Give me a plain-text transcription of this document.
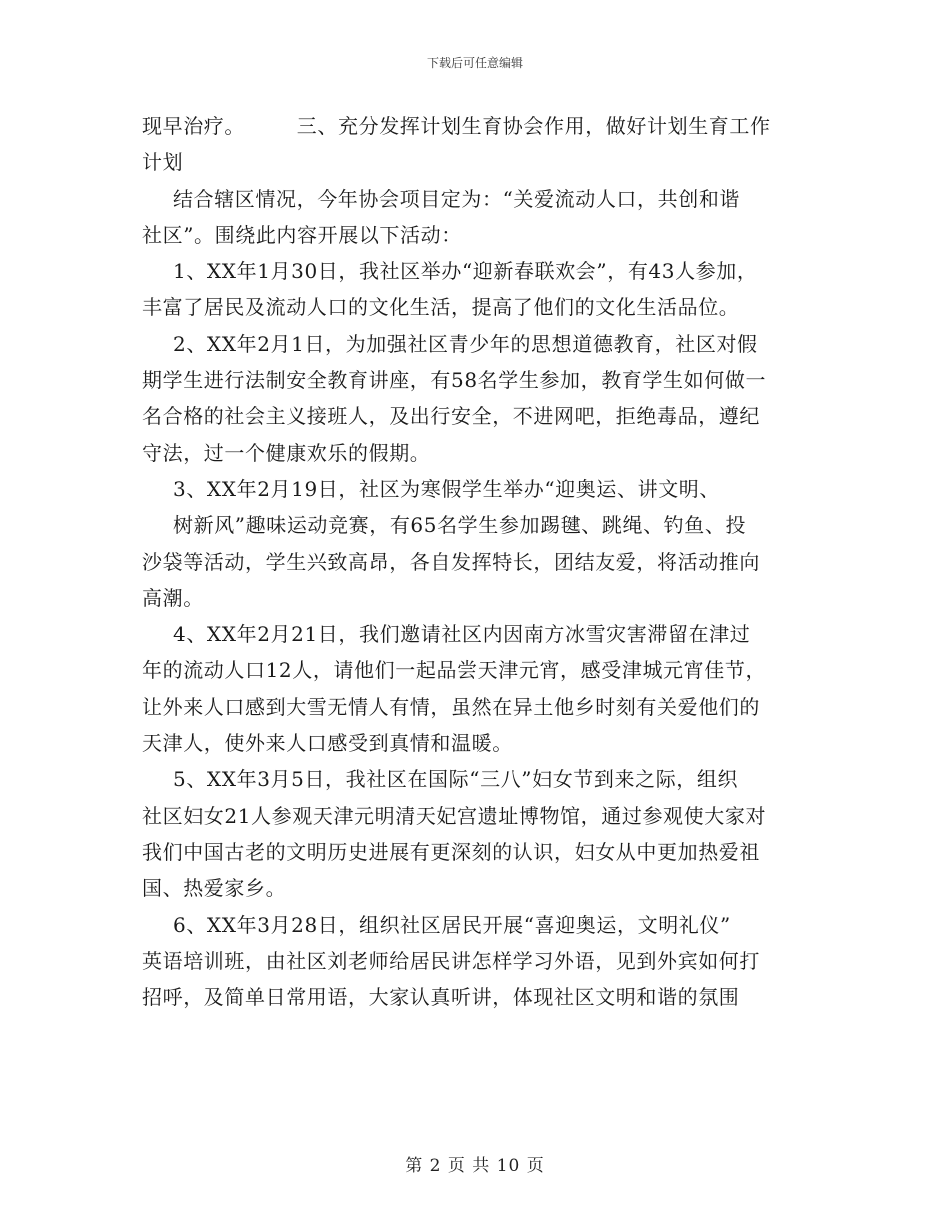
下载后可任意编辑
现早治疗。　　　三、充分发挥计划生育协会作用，做好计划生育工作
计划
结合辖区情况，今年协会项目定为：“关爱流动人口，共创和谐
社区”。围绕此内容开展以下活动：
1、XX年1月30日，我社区举办“迎新春联欢会”，有43人参加，
丰富了居民及流动人口的文化生活，提高了他们的文化生活品位。
2、XX年2月1日，为加强社区青少年的思想道德教育，社区对假
期学生进行法制安全教育讲座，有58名学生参加，教育学生如何做一
名合格的社会主义接班人，及出行安全，不进网吧，拒绝毒品，遵纪
守法，过一个健康欢乐的假期。
3、XX年2月19日，社区为寒假学生举办“迎奥运、讲文明、
树新风”趣味运动竞赛，有65名学生参加踢毽、跳绳、钓鱼、投
沙袋等活动，学生兴致高昂，各自发挥特长，团结友爱，将活动推向
高潮。
4、XX年2月21日，我们邀请社区内因南方冰雪灾害滞留在津过
年的流动人口12人，请他们一起品尝天津元宵，感受津城元宵佳节，
让外来人口感到大雪无情人有情，虽然在异土他乡时刻有关爱他们的
天津人，使外来人口感受到真情和温暖。
5、XX年3月5日，我社区在国际“三八”妇女节到来之际，组织
社区妇女21人参观天津元明清天妃宫遗址博物馆，通过参观使大家对
我们中国古老的文明历史进展有更深刻的认识，妇女从中更加热爱祖
国、热爱家乡。
6、XX年3月28日，组织社区居民开展“喜迎奥运，文明礼仪”
英语培训班，由社区刘老师给居民讲怎样学习外语，见到外宾如何打
招呼，及简单日常用语，大家认真听讲，体现社区文明和谐的氛围
第 2 页 共 10 页
